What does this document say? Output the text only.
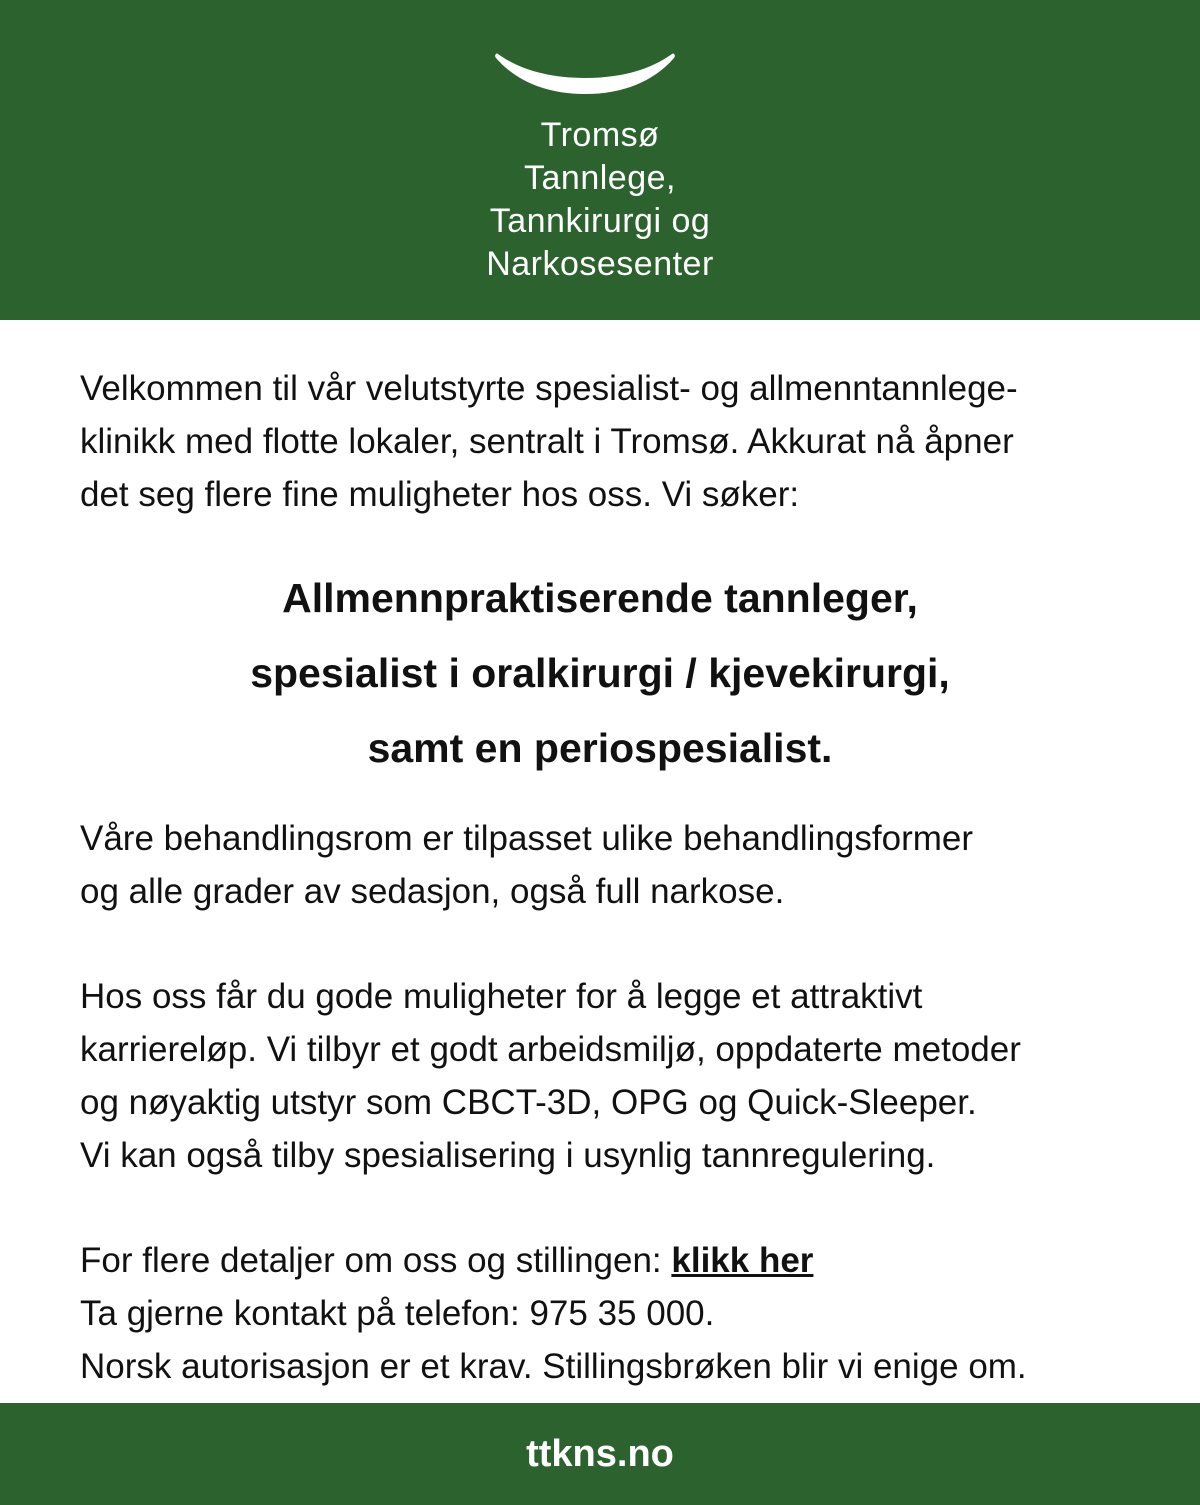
Tromsø
Tannlege,
Tannkirurgi og
Narkosesenter
Velkommen til vår velutstyrte spesialist- og allmenntannlege-
klinikk med flotte lokaler, sentralt i Tromsø. Akkurat nå åpner
det seg flere fine muligheter hos oss. Vi søker:
Allmennpraktiserende tannleger,
spesialist i oralkirurgi / kjevekirurgi,
samt en periospesialist.
Våre behandlingsrom er tilpasset ulike behandlingsformer
og alle grader av sedasjon, også full narkose.
Hos oss får du gode muligheter for å legge et attraktivt
karriereløp. Vi tilbyr et godt arbeidsmiljø, oppdaterte metoder
og nøyaktig utstyr som CBCT-3D, OPG og Quick-Sleeper.
Vi kan også tilby spesialisering i usynlig tannregulering.
For flere detaljer om oss og stillingen: klikk her
Ta gjerne kontakt på telefon: 975 35 000.
Norsk autorisasjon er et krav. Stillingsbrøken blir vi enige om.
ttkns.no
